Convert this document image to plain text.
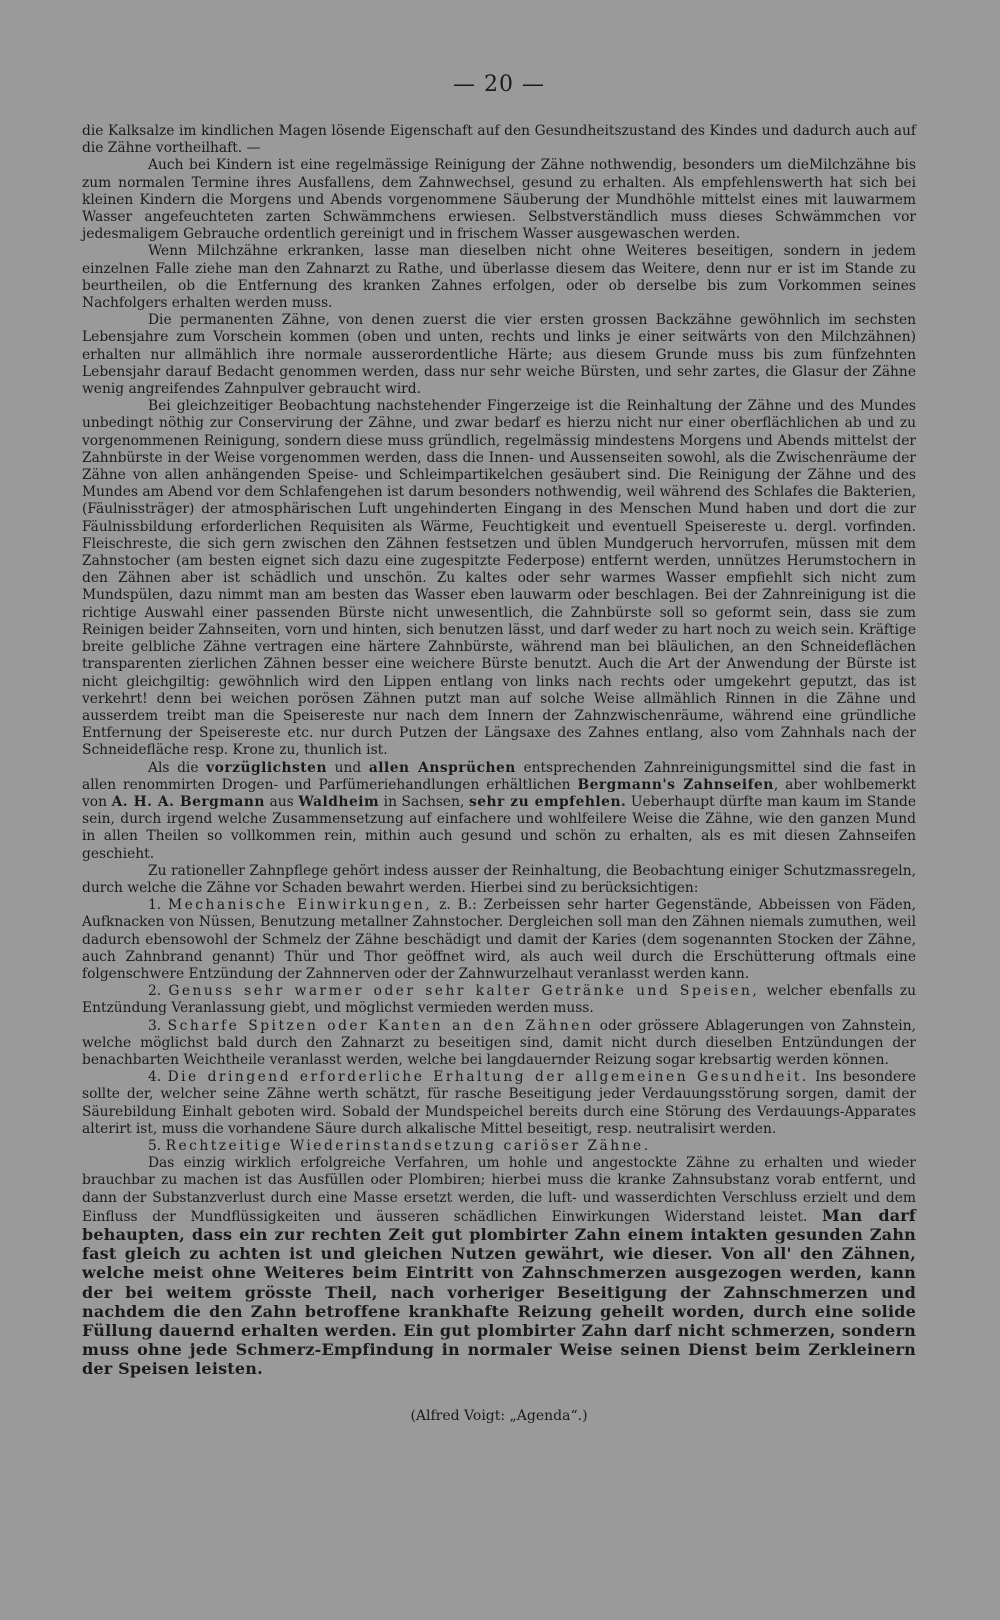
— 20 —

die Kalksalze im kindlichen Magen lösende Eigenschaft auf den Gesundheitszustand des Kindes und dadurch auch auf die Zähne vortheilhaft. —

Auch bei Kindern ist eine regelmässige Reinigung der Zähne nothwendig, besonders um dieMilchzähne bis zum normalen Termine ihres Ausfallens, dem Zahnwechsel, gesund zu erhalten. Als empfehlenswerth hat sich bei kleinen Kindern die Morgens und Abends vorgenommene Säuberung der Mundhöhle mittelst eines mit lauwarmem Wasser angefeuchteten zarten Schwämmchens erwiesen. Selbstverständlich muss dieses Schwämmchen vor jedesmaligem Gebrauche ordentlich gereinigt und in frischem Wasser ausgewaschen werden.

Wenn Milchzähne erkranken, lasse man dieselben nicht ohne Weiteres beseitigen, sondern in jedem einzelnen Falle ziehe man den Zahnarzt zu Rathe, und überlasse diesem das Weitere, denn nur er ist im Stande zu beurtheilen, ob die Entfernung des kranken Zahnes erfolgen, oder ob derselbe bis zum Vorkommen seines Nachfolgers erhalten werden muss.

Die permanenten Zähne, von denen zuerst die vier ersten grossen Backzähne gewöhnlich im sechsten Lebensjahre zum Vorschein kommen (oben und unten, rechts und links je einer seitwärts von den Milchzähnen) erhalten nur allmählich ihre normale ausserordentliche Härte; aus diesem Grunde muss bis zum fünfzehnten Lebensjahr darauf Bedacht genommen werden, dass nur sehr weiche Bürsten, und sehr zartes, die Glasur der Zähne wenig angreifendes Zahnpulver gebraucht wird.

Bei gleichzeitiger Beobachtung nachstehender Fingerzeige ist die Reinhaltung der Zähne und des Mundes unbedingt nöthig zur Conservirung der Zähne, und zwar bedarf es hierzu nicht nur einer oberflächlichen ab und zu vorgenommenen Reinigung, sondern diese muss gründlich, regelmässig mindestens Morgens und Abends mittelst der Zahnbürste in der Weise vorgenommen werden, dass die Innen- und Aussenseiten sowohl, als die Zwischenräume der Zähne von allen anhängenden Speise- und Schleimpartikelchen gesäubert sind. Die Reinigung der Zähne und des Mundes am Abend vor dem Schlafengehen ist darum besonders nothwendig, weil während des Schlafes die Bakterien, (Fäulnissträger) der atmosphärischen Luft ungehinderten Eingang in des Menschen Mund haben und dort die zur Fäulnissbildung erforderlichen Requisiten als Wärme, Feuchtigkeit und eventuell Speisereste u. dergl. vorfinden. Fleischreste, die sich gern zwischen den Zähnen festsetzen und üblen Mundgeruch hervorrufen, müssen mit dem Zahnstocher (am besten eignet sich dazu eine zugespitzte Federpose) entfernt werden, unnützes Herumstochern in den Zähnen aber ist schädlich und unschön. Zu kaltes oder sehr warmes Wasser empfiehlt sich nicht zum Mundspülen, dazu nimmt man am besten das Wasser eben lauwarm oder beschlagen. Bei der Zahnreinigung ist die richtige Auswahl einer passenden Bürste nicht unwesentlich, die Zahnbürste soll so geformt sein, dass sie zum Reinigen beider Zahnseiten, vorn und hinten, sich benutzen lässt, und darf weder zu hart noch zu weich sein. Kräftige breite gelbliche Zähne vertragen eine härtere Zahnbürste, während man bei bläulichen, an den Schneideflächen transparenten zierlichen Zähnen besser eine weichere Bürste benutzt. Auch die Art der Anwendung der Bürste ist nicht gleichgiltig: gewöhnlich wird den Lippen entlang von links nach rechts oder umgekehrt geputzt, das ist verkehrt! denn bei weichen porösen Zähnen putzt man auf solche Weise allmählich Rinnen in die Zähne und ausserdem treibt man die Speisereste nur nach dem Innern der Zahnzwischenräume, während eine gründliche Entfernung der Speisereste etc. nur durch Putzen der Längsaxe des Zahnes entlang, also vom Zahnhals nach der Schneidefläche resp. Krone zu, thunlich ist.

Als die vorzüglichsten und allen Ansprüchen entsprechenden Zahnreinigungsmittel sind die fast in allen renommirten Drogen- und Parfümeriehandlungen erhältlichen Bergmann's Zahnseifen, aber wohlbemerkt von A. H. A. Bergmann aus Waldheim in Sachsen, sehr zu empfehlen. Ueberhaupt dürfte man kaum im Stande sein, durch irgend welche Zusammensetzung auf einfachere und wohlfeilere Weise die Zähne, wie den ganzen Mund in allen Theilen so vollkommen rein, mithin auch gesund und schön zu erhalten, als es mit diesen Zahnseifen geschieht.

Zu rationeller Zahnpflege gehört indess ausser der Reinhaltung, die Beobachtung einiger Schutzmassregeln, durch welche die Zähne vor Schaden bewahrt werden. Hierbei sind zu berücksichtigen:

1. Mechanische Einwirkungen, z. B.: Zerbeissen sehr harter Gegenstände, Abbeissen von Fäden, Aufknacken von Nüssen, Benutzung metallner Zahnstocher. Dergleichen soll man den Zähnen niemals zumuthen, weil dadurch ebensowohl der Schmelz der Zähne beschädigt und damit der Karies (dem sogenannten Stocken der Zähne, auch Zahnbrand genannt) Thür und Thor geöffnet wird, als auch weil durch die Erschütterung oftmals eine folgenschwere Entzündung der Zahnnerven oder der Zahnwurzelhaut veranlasst werden kann.

2. Genuss sehr warmer oder sehr kalter Getränke und Speisen, welcher ebenfalls zu Entzündung Veranlassung giebt, und möglichst vermieden werden muss.

3. Scharfe Spitzen oder Kanten an den Zähnen oder grössere Ablagerungen von Zahnstein, welche möglichst bald durch den Zahnarzt zu beseitigen sind, damit nicht durch dieselben Entzündungen der benachbarten Weichtheile veranlasst werden, welche bei langdauernder Reizung sogar krebsartig werden können.

4. Die dringend erforderliche Erhaltung der allgemeinen Gesundheit. Ins besondere sollte der, welcher seine Zähne werth schätzt, für rasche Beseitigung jeder Verdauungsstörung sorgen, damit der Säurebildung Einhalt geboten wird. Sobald der Mundspeichel bereits durch eine Störung des Verdauungs-Apparates alterirt ist, muss die vorhandene Säure durch alkalische Mittel beseitigt, resp. neutralisirt werden.

5. Rechtzeitige Wiederinstandsetzung cariöser Zähne.

Das einzig wirklich erfolgreiche Verfahren, um hohle und angestockte Zähne zu erhalten und wieder brauchbar zu machen ist das Ausfüllen oder Plombiren; hierbei muss die kranke Zahnsubstanz vorab entfernt, und dann der Substanzverlust durch eine Masse ersetzt werden, die luft- und wasserdichten Verschluss erzielt und dem Einfluss der Mundflüssigkeiten und äusseren schädlichen Einwirkungen Widerstand leistet. Man darf behaupten, dass ein zur rechten Zeit gut plombirter Zahn einem intakten gesunden Zahn fast gleich zu achten ist und gleichen Nutzen gewährt, wie dieser. Von all' den Zähnen, welche meist ohne Weiteres beim Eintritt von Zahnschmerzen ausgezogen werden, kann der bei weitem grösste Theil, nach vorheriger Beseitigung der Zahnschmerzen und nachdem die den Zahn betroffene krankhafte Reizung geheilt worden, durch eine solide Füllung dauernd erhalten werden. Ein gut plombirter Zahn darf nicht schmerzen, sondern muss ohne jede Schmerz-Empfindung in normaler Weise seinen Dienst beim Zerkleinern der Speisen leisten.

(Alfred Voigt: „Agenda“.)
